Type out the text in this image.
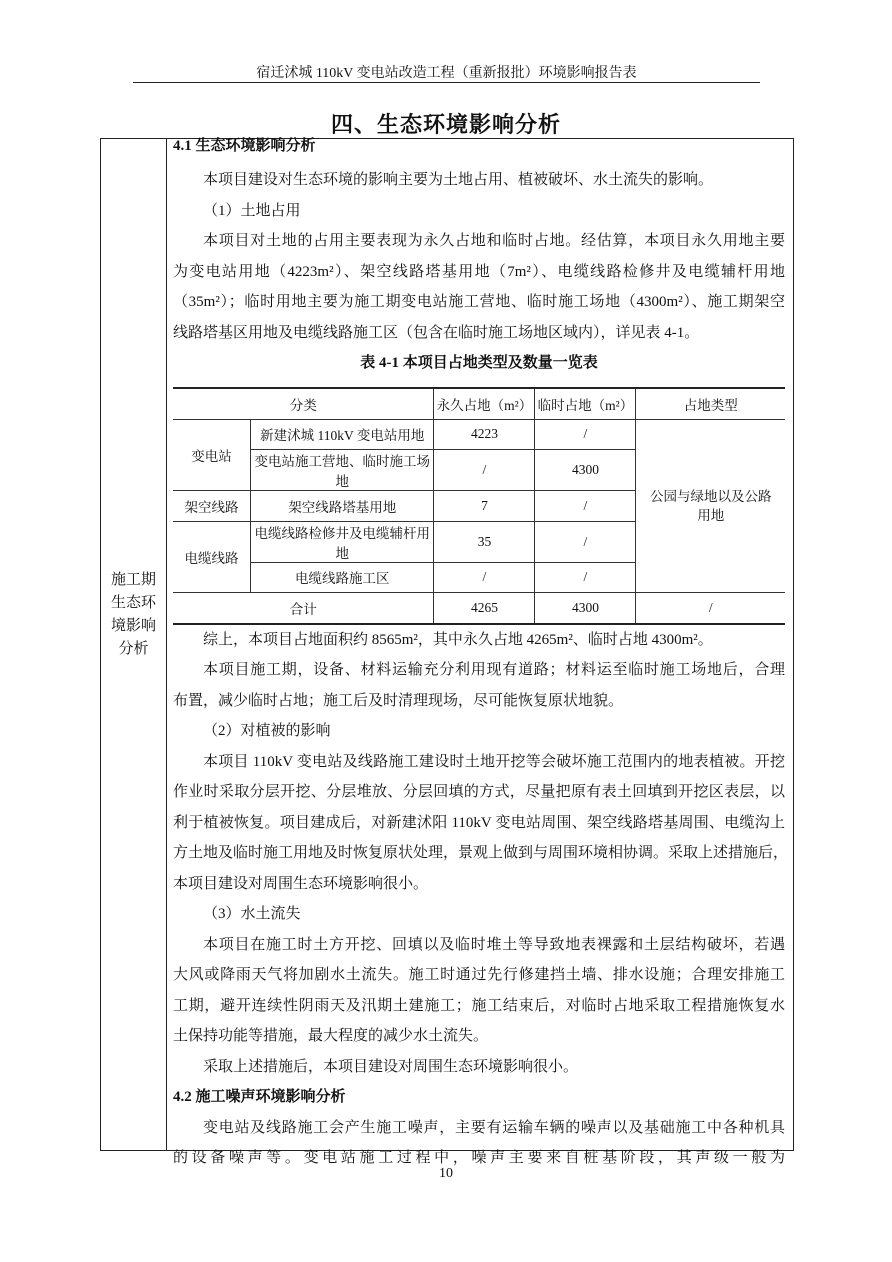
宿迁沭城 110kV 变电站改造工程（重新报批）环境影响报告表
四、生态环境影响分析
施工期
生态环
境影响
分析
4.1 生态环境影响分析
本项目建设对生态环境的影响主要为土地占用、植被破坏、水土流失的影响。
（1）土地占用
本项目对土地的占用主要表现为永久占地和临时占地。经估算，本项目永久用地主要
为变电站用地（4223m²）、架空线路塔基用地（7m²）、电缆线路检修井及电缆辅杆用地
（35m²）；临时用地主要为施工期变电站施工营地、临时施工场地（4300m²）、施工期架空
线路塔基区用地及电缆线路施工区（包含在临时施工场地区域内），详见表 4-1。
表 4-1 本项目占地类型及数量一览表
分类		永久占地（m²）	临时占地（m²）	占地类型
变电站	新建沭城 110kV 变电站用地	4223	/	公园与绿地以及公路用地
	变电站施工营地、临时施工场地	/	4300	
架空线路	架空线路塔基用地	7	/	
电缆线路	电缆线路检修井及电缆辅杆用地	35	/	
	电缆线路施工区	/	/	
合计		4265	4300	/
综上，本项目占地面积约 8565m²，其中永久占地 4265m²、临时占地 4300m²。
本项目施工期，设备、材料运输充分利用现有道路；材料运至临时施工场地后，合理
布置，减少临时占地；施工后及时清理现场，尽可能恢复原状地貌。
（2）对植被的影响
本项目 110kV 变电站及线路施工建设时土地开挖等会破坏施工范围内的地表植被。开挖
作业时采取分层开挖、分层堆放、分层回填的方式，尽量把原有表土回填到开挖区表层，以
利于植被恢复。项目建成后，对新建沭阳 110kV 变电站周围、架空线路塔基周围、电缆沟上
方土地及临时施工用地及时恢复原状处理，景观上做到与周围环境相协调。采取上述措施后，
本项目建设对周围生态环境影响很小。
（3）水土流失
本项目在施工时土方开挖、回填以及临时堆土等导致地表裸露和土层结构破坏，若遇
大风或降雨天气将加剧水土流失。施工时通过先行修建挡土墙、排水设施；合理安排施工
工期，避开连续性阴雨天及汛期土建施工；施工结束后，对临时占地采取工程措施恢复水
土保持功能等措施，最大程度的减少水土流失。
采取上述措施后，本项目建设对周围生态环境影响很小。
4.2 施工噪声环境影响分析
变电站及线路施工会产生施工噪声，主要有运输车辆的噪声以及基础施工中各种机具
的设备噪声等。变电站施工过程中，噪声主要来自桩基阶段，其声级一般为
10
